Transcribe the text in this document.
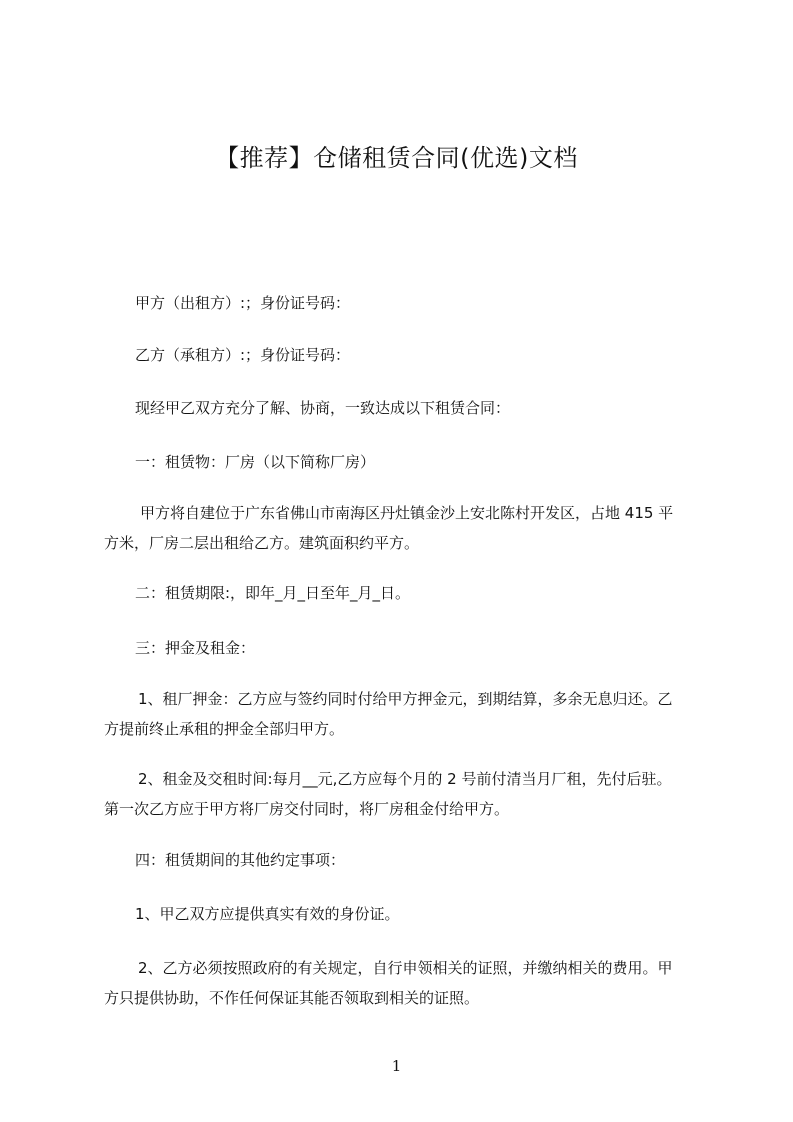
【推荐】仓储租赁合同(优选)文档

甲方（出租方）:；身份证号码：

乙方（承租方）:；身份证号码：

现经甲乙双方充分了解、协商，一致达成以下租赁合同：

一：租赁物：厂房（以下简称厂房）

甲方将自建位于广东省佛山市南海区丹灶镇金沙上安北陈村开发区，占地 415 平
方米，厂房二层出租给乙方。建筑面积约平方。

二：租赁期限:，即年_月_日至年_月_日。

三：押金及租金：

1、租厂押金：乙方应与签约同时付给甲方押金元，到期结算，多余无息归还。乙
方提前终止承租的押金全部归甲方。

2、租金及交租时间:每月__元,乙方应每个月的 2 号前付清当月厂租，先付后驻。
第一次乙方应于甲方将厂房交付同时，将厂房租金付给甲方。

四：租赁期间的其他约定事项：

1、甲乙双方应提供真实有效的身份证。

2、乙方必须按照政府的有关规定，自行申领相关的证照，并缴纳相关的费用。甲
方只提供协助，不作任何保证其能否领取到相关的证照。

1
